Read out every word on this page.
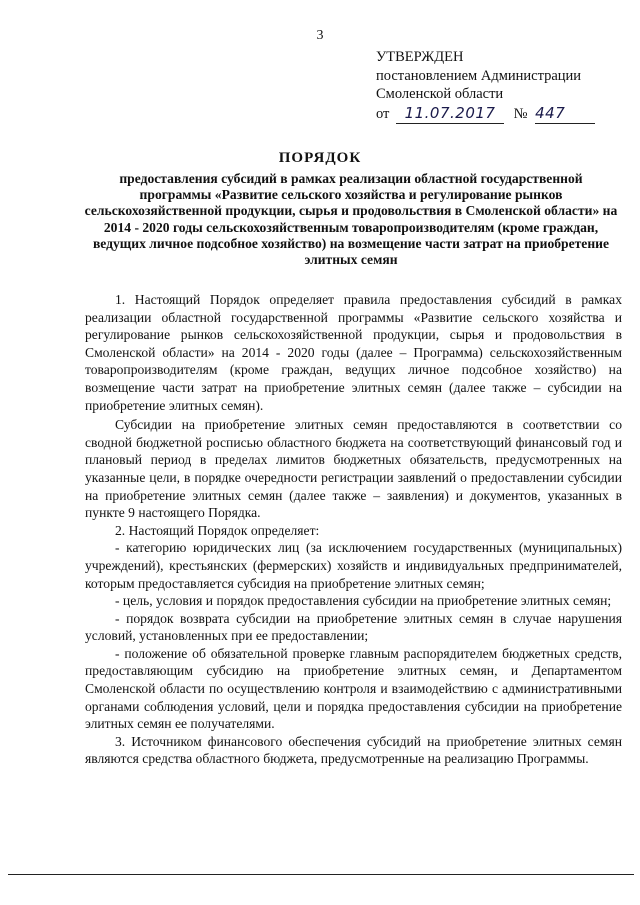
3
УТВЕРЖДЕН
постановлением Администрации
Смоленской области
от 11.07.2017 № 447
ПОРЯДОК
предоставления субсидий в рамках реализации областной государственной программы «Развитие сельского хозяйства и регулирование рынков сельскохозяйственной продукции, сырья и продовольствия в Смоленской области» на 2014 - 2020 годы сельскохозяйственным товаропроизводителям (кроме граждан, ведущих личное подсобное хозяйство) на возмещение части затрат на приобретение элитных семян

1. Настоящий Порядок определяет правила предоставления субсидий в рамках реализации областной государственной программы «Развитие сельского хозяйства и регулирование рынков сельскохозяйственной продукции, сырья и продовольствия в Смоленской области» на 2014 - 2020 годы (далее – Программа) сельскохозяйственным товаропроизводителям (кроме граждан, ведущих личное подсобное хозяйство) на возмещение части затрат на приобретение элитных семян (далее также – субсидии на приобретение элитных семян).

Субсидии на приобретение элитных семян предоставляются в соответствии со сводной бюджетной росписью областного бюджета на соответствующий финансовый год и плановый период в пределах лимитов бюджетных обязательств, предусмотренных на указанные цели, в порядке очередности регистрации заявлений о предоставлении субсидии на приобретение элитных семян (далее также – заявления) и документов, указанных в пункте 9 настоящего Порядка.

2. Настоящий Порядок определяет:

- категорию юридических лиц (за исключением государственных (муниципальных) учреждений), крестьянских (фермерских) хозяйств и индивидуальных предпринимателей, которым предоставляется субсидия на приобретение элитных семян;

- цель, условия и порядок предоставления субсидии на приобретение элитных семян;

- порядок возврата субсидии на приобретение элитных семян в случае нарушения условий, установленных при ее предоставлении;

- положение об обязательной проверке главным распорядителем бюджетных средств, предоставляющим субсидию на приобретение элитных семян, и Департаментом Смоленской области по осуществлению контроля и взаимодействию с административными органами соблюдения условий, цели и порядка предоставления субсидии на приобретение элитных семян ее получателями.

3. Источником финансового обеспечения субсидий на приобретение элитных семян являются средства областного бюджета, предусмотренные на реализацию Программы.
